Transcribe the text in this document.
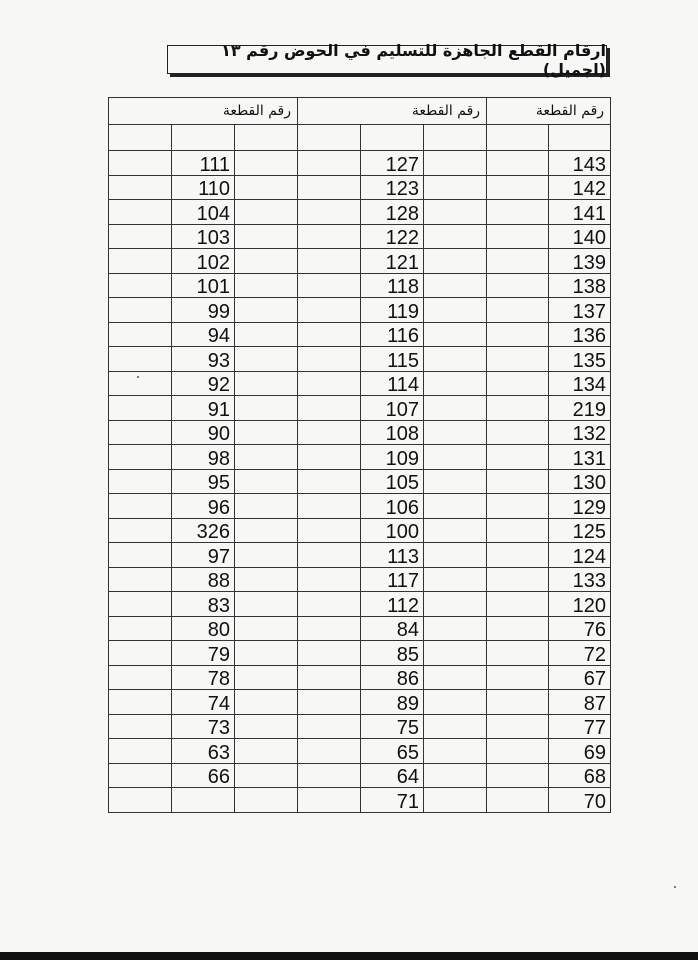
ارقام القطع الجاهزة للتسليم في الحوض رقم ١٣ (اجميل)
رقم القطعة			رقم القطعة			رقم القطعة	

	111			127			143
	110			123			142
	104			128			141
	103			122			140
	102			121			139
	101			118			138
	99			119			137
	94			116			136
	93			115			135
	92			114			134
	91			107			219
	90			108			132
	98			109			131
	95			105			130
	96			106			129
	326			100			125
	97			113			124
	88			117			133
	83			112			120
	80			84			76
	79			85			72
	78			86			67
	74			89			87
	73			75			77
	63			65			69
	66			64			68
				71			70
